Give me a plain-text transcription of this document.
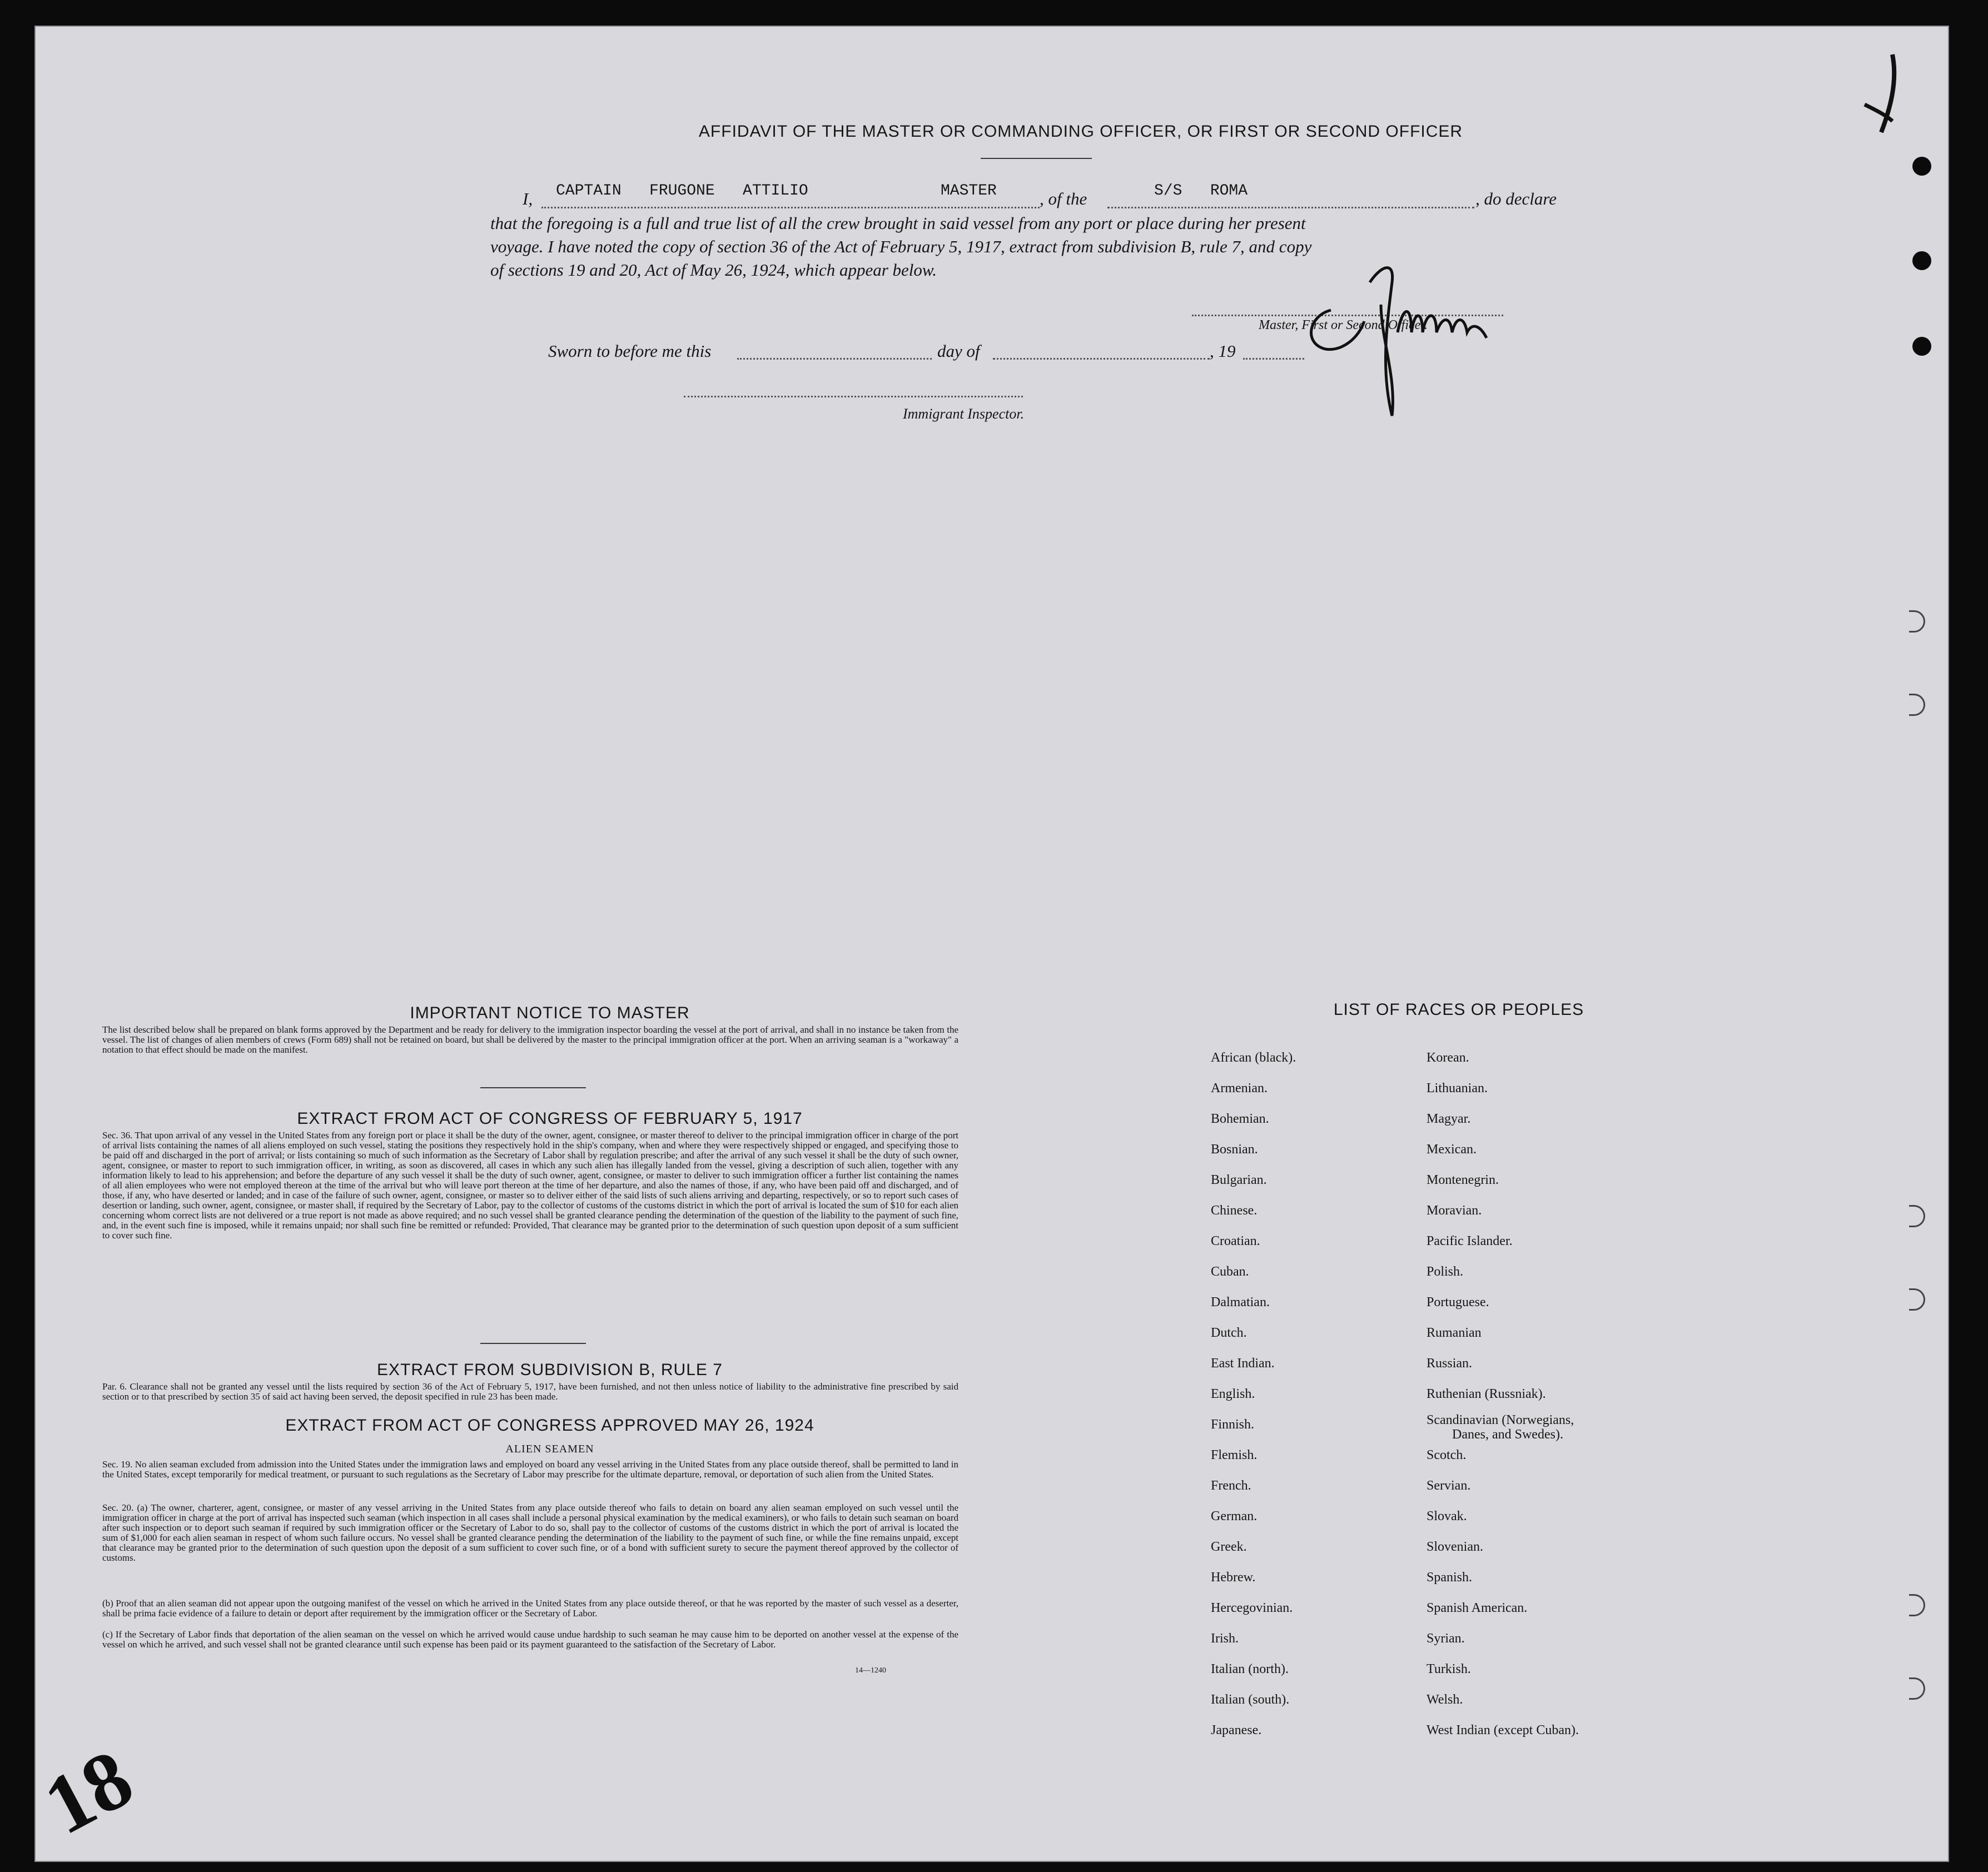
AFFIDAVIT OF THE MASTER OR COMMANDING OFFICER, OR FIRST OR SECOND OFFICER
I, CAPTAIN   FRUGONE   ATTILIO	MASTER , of the	S/S   ROMA	, do declare
that the foregoing is a full and true list of all the crew brought in said vessel from any port or place during her present
voyage. I have noted the copy of section 36 of the Act of February 5, 1917, extract from subdivision B, rule 7, and copy
of sections 19 and 20, Act of May 26, 1924, which appear below.
Master, First or Second Officer.
Sworn to before me this	day of	, 19
Immigrant Inspector.
IMPORTANT NOTICE TO MASTER
The list described below shall be prepared on blank forms approved by the Department and be ready for delivery to the immigration inspector boarding the vessel at the port of arrival, and shall in no instance be taken from the vessel. The list of changes of alien members of crews (Form 689) shall not be retained on board, but shall be delivered by the master to the principal immigration officer at the port. When an arriving seaman is a "workaway" a notation to that effect should be made on the manifest.
EXTRACT FROM ACT OF CONGRESS OF FEBRUARY 5, 1917
Sec. 36. That upon arrival of any vessel in the United States from any foreign port or place it shall be the duty of the owner, agent, consignee, or master thereof to deliver to the principal immigration officer in charge of the port of arrival lists containing the names of all aliens employed on such vessel, stating the positions they respectively hold in the ship's company, when and where they were respectively shipped or engaged, and specifying those to be paid off and discharged in the port of arrival; or lists containing so much of such information as the Secretary of Labor shall by regulation prescribe; and after the arrival of any such vessel it shall be the duty of such owner, agent, consignee, or master to report to such immigration officer, in writing, as soon as discovered, all cases in which any such alien has illegally landed from the vessel, giving a description of such alien, together with any information likely to lead to his apprehension; and before the departure of any such vessel it shall be the duty of such owner, agent, consignee, or master to deliver to such immigration officer a further list containing the names of all alien employees who were not employed thereon at the time of the arrival but who will leave port thereon at the time of her departure, and also the names of those, if any, who have been paid off and discharged, and of those, if any, who have deserted or landed; and in case of the failure of such owner, agent, consignee, or master so to deliver either of the said lists of such aliens arriving and departing, respectively, or so to report such cases of desertion or landing, such owner, agent, consignee, or master shall, if required by the Secretary of Labor, pay to the collector of customs of the customs district in which the port of arrival is located the sum of $10 for each alien concerning whom correct lists are not delivered or a true report is not made as above required; and no such vessel shall be granted clearance pending the determination of the question of the liability to the payment of such fine, and, in the event such fine is imposed, while it remains unpaid; nor shall such fine be remitted or refunded: Provided, That clearance may be granted prior to the determination of such question upon deposit of a sum sufficient to cover such fine.
EXTRACT FROM SUBDIVISION B, RULE 7
Par. 6. Clearance shall not be granted any vessel until the lists required by section 36 of the Act of February 5, 1917, have been furnished, and not then unless notice of liability to the administrative fine prescribed by said section or to that prescribed by section 35 of said act having been served, the deposit specified in rule 23 has been made.
EXTRACT FROM ACT OF CONGRESS APPROVED MAY 26, 1924
ALIEN SEAMEN
Sec. 19. No alien seaman excluded from admission into the United States under the immigration laws and employed on board any vessel arriving in the United States from any place outside thereof, shall be permitted to land in the United States, except temporarily for medical treatment, or pursuant to such regulations as the Secretary of Labor may prescribe for the ultimate departure, removal, or deportation of such alien from the United States.
Sec. 20. (a) The owner, charterer, agent, consignee, or master of any vessel arriving in the United States from any place outside thereof who fails to detain on board any alien seaman employed on such vessel until the immigration officer in charge at the port of arrival has inspected such seaman (which inspection in all cases shall include a personal physical examination by the medical examiners), or who fails to detain such seaman on board after such inspection or to deport such seaman if required by such immigration officer or the Secretary of Labor to do so, shall pay to the collector of customs of the customs district in which the port of arrival is located the sum of $1,000 for each alien seaman in respect of whom such failure occurs. No vessel shall be granted clearance pending the determination of the liability to the payment of such fine, or while the fine remains unpaid, except that clearance may be granted prior to the determination of such question upon the deposit of a sum sufficient to cover such fine, or of a bond with sufficient surety to secure the payment thereof approved by the collector of customs.
(b) Proof that an alien seaman did not appear upon the outgoing manifest of the vessel on which he arrived in the United States from any place outside thereof, or that he was reported by the master of such vessel as a deserter, shall be prima facie evidence of a failure to detain or deport after requirement by the immigration officer or the Secretary of Labor.
(c) If the Secretary of Labor finds that deportation of the alien seaman on the vessel on which he arrived would cause undue hardship to such seaman he may cause him to be deported on another vessel at the expense of the vessel on which he arrived, and such vessel shall not be granted clearance until such expense has been paid or its payment guaranteed to the satisfaction of the Secretary of Labor.
14—1240
LIST OF RACES OR PEOPLES
African (black).
Armenian.
Bohemian.
Bosnian.
Bulgarian.
Chinese.
Croatian.
Cuban.
Dalmatian.
Dutch.
East Indian.
English.
Finnish.
Flemish.
French.
German.
Greek.
Hebrew.
Hercegovinian.
Irish.
Italian (north).
Italian (south).
Japanese.
Korean.
Lithuanian.
Magyar.
Mexican.
Montenegrin.
Moravian.
Pacific Islander.
Polish.
Portuguese.
Rumanian
Russian.
Ruthenian (Russniak).
Scandinavian (Norwegians,
Danes, and Swedes).
Scotch.
Servian.
Slovak.
Slovenian.
Spanish.
Spanish American.
Syrian.
Turkish.
Welsh.
West Indian (except Cuban).
18
